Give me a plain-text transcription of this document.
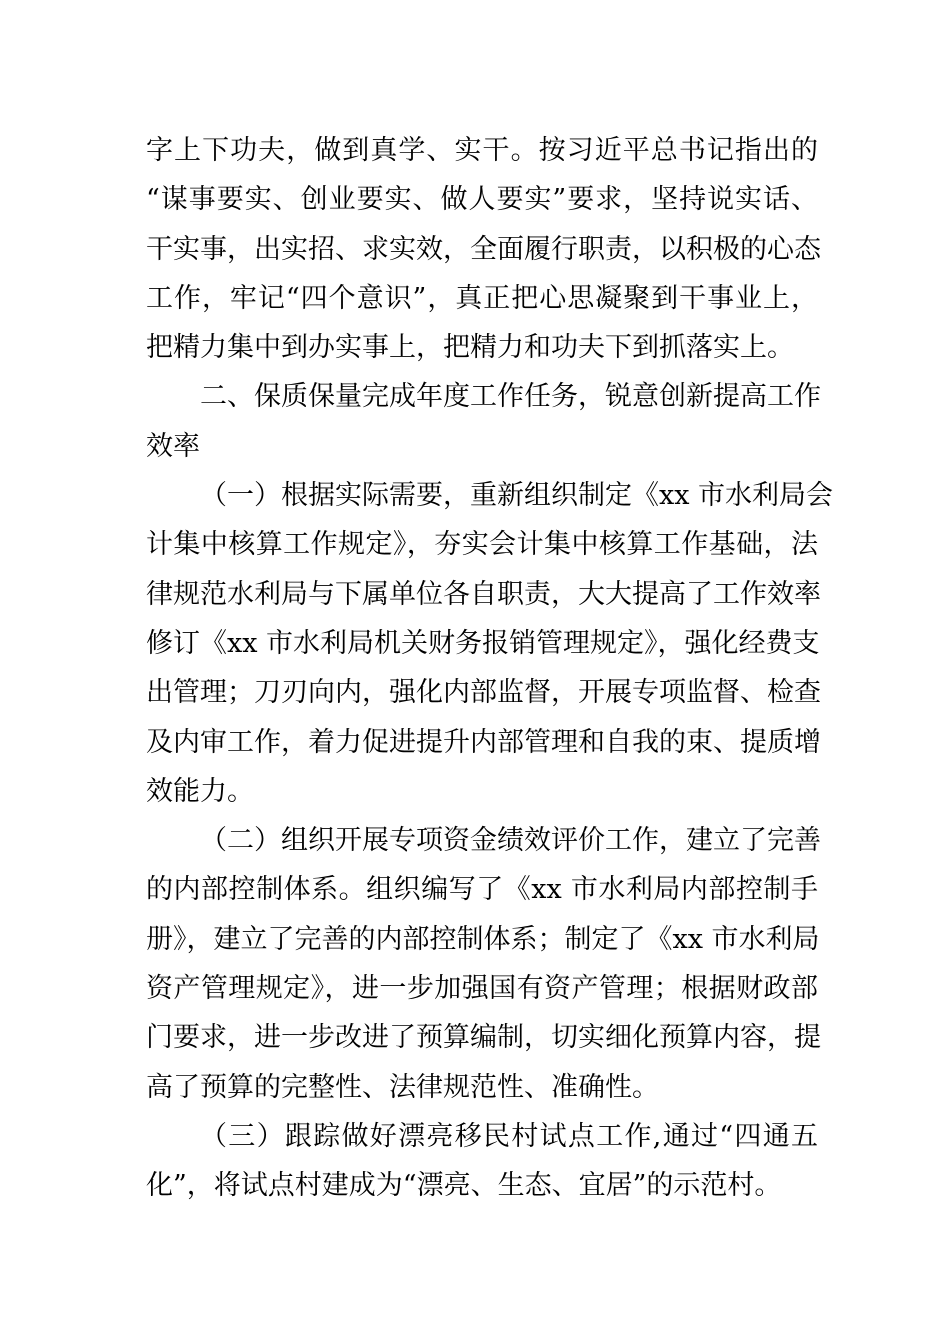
字上下功夫，做到真学、实干。按习近平总书记指出的
“谋事要实、创业要实、做人要实”要求，坚持说实话、
干实事，出实招、求实效，全面履行职责，以积极的心态
工作，牢记“四个意识”，真正把心思凝聚到干事业上，
把精力集中到办实事上，把精力和功夫下到抓落实上。
二、保质保量完成年度工作任务，锐意创新提高工作
效率
（一）根据实际需要，重新组织制定《xx 市水利局会
计集中核算工作规定》，夯实会计集中核算工作基础，法
律规范水利局与下属单位各自职责，大大提高了工作效率
修订《xx 市水利局机关财务报销管理规定》，强化经费支
出管理；刀刃向内，强化内部监督，开展专项监督、检查
及内审工作，着力促进提升内部管理和自我的束、提质增
效能力。
（二）组织开展专项资金绩效评价工作，建立了完善
的内部控制体系。组织编写了《xx 市水利局内部控制手
册》，建立了完善的内部控制体系；制定了《xx 市水利局
资产管理规定》，进一步加强国有资产管理；根据财政部
门要求，进一步改进了预算编制，切实细化预算内容，提
高了预算的完整性、法律规范性、准确性。
（三）跟踪做好漂亮移民村试点工作,通过“四通五
化”，将试点村建成为“漂亮、生态、宜居”的示范村。
